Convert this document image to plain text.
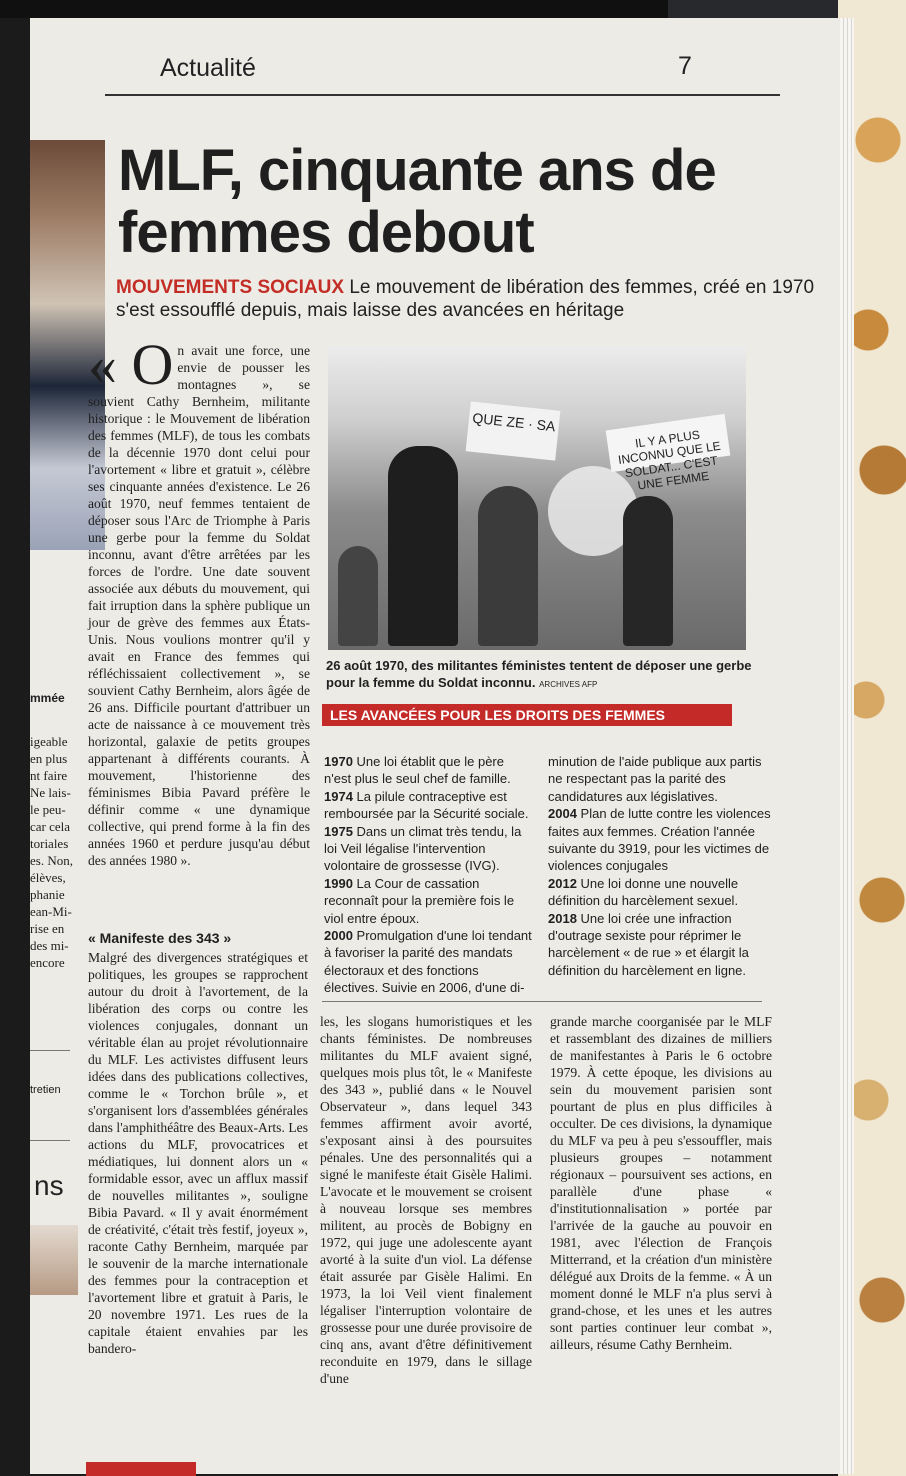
Actualité	7
MLF, cinquante ans de femmes debout
MOUVEMENTS SOCIAUX Le mouvement de libération des femmes, créé en 1970 s'est essoufflé depuis, mais laisse des avancées en héritage
« O n avait une force, une envie de pousser les montagnes », se souvient Cathy Bernheim, militante historique : le Mouvement de libération des femmes (MLF), de tous les combats de la décennie 1970 dont celui pour l'avortement « libre et gratuit », célèbre ses cinquante années d'existence. Le 26 août 1970, neuf femmes tentaient de déposer sous l'Arc de Triomphe à Paris une gerbe pour la femme du Soldat inconnu, avant d'être arrêtées par les forces de l'ordre. Une date souvent associée aux débuts du mouvement, qui fait irruption dans la sphère publique un jour de grève des femmes aux États-Unis. Nous voulions montrer qu'il y avait en France des femmes qui réfléchissaient collectivement », se souvient Cathy Bernheim, alors âgée de 26 ans. Difficile pourtant d'attribuer un acte de naissance à ce mouvement très horizontal, galaxie de petits groupes appartenant à différents courants. À mouvement, l'historienne des féminismes Bibia Pavard préfère le définir comme « une dynamique collective, qui prend forme à la fin des années 1960 et perdure jusqu'au début des années 1980 ».
« Manifeste des 343 »
Malgré des divergences stratégiques et politiques, les groupes se rapprochent autour du droit à l'avortement, de la libération des corps ou contre les violences conjugales, donnant un véritable élan au projet révolutionnaire du MLF. Les activistes diffusent leurs idées dans des publications collectives, comme le « Torchon brûle », et s'organisent lors d'assemblées générales dans l'amphithéâtre des Beaux-Arts. Les actions du MLF, provocatrices et médiatiques, lui donnent alors un « formidable essor, avec un afflux massif de nouvelles militantes », souligne Bibia Pavard. « Il y avait énormément de créativité, c'était très festif, joyeux », raconte Cathy Bernheim, marquée par le souvenir de la marche internationale des femmes pour la contraception et l'avortement libre et gratuit à Paris, le 20 novembre 1971. Les rues de la capitale étaient envahies par les bandero-
QUE ZE · SA
IL Y A PLUS INCONNU QUE LE SOLDAT... C'EST UNE FEMME
26 août 1970, des militantes féministes tentent de déposer une gerbe pour la femme du Soldat inconnu. ARCHIVES AFP
LES AVANCÉES POUR LES DROITS DES FEMMES
1970 Une loi établit que le père n'est plus le seul chef de famille.
1974 La pilule contraceptive est remboursée par la Sécurité sociale.
1975 Dans un climat très tendu, la loi Veil légalise l'intervention volontaire de grossesse (IVG).
1990 La Cour de cassation reconnaît pour la première fois le viol entre époux.
2000 Promulgation d'une loi tendant à favoriser la parité des mandats électoraux et des fonctions électives. Suivie en 2006, d'une di-
minution de l'aide publique aux partis ne respectant pas la parité des candidatures aux législatives.
2004 Plan de lutte contre les violences faites aux femmes. Création l'année suivante du 3919, pour les victimes de violences conjugales
2012 Une loi donne une nouvelle définition du harcèlement sexuel.
2018 Une loi crée une infraction d'outrage sexiste pour réprimer le harcèlement « de rue » et élargit la définition du harcèlement en ligne.
les, les slogans humoristiques et les chants féministes. De nombreuses militantes du MLF avaient signé, quelques mois plus tôt, le « Manifeste des 343 », publié dans « le Nouvel Observateur », dans lequel 343 femmes affirment avoir avorté, s'exposant ainsi à des poursuites pénales. Une des personnalités qui a signé le manifeste était Gisèle Halimi. L'avocate et le mouvement se croisent à nouveau lorsque ses membres militent, au procès de Bobigny en 1972, qui juge une adolescente ayant avorté à la suite d'un viol. La défense était assurée par Gisèle Halimi. En 1973, la loi Veil vient finalement légaliser l'interruption volontaire de grossesse pour une durée provisoire de cinq ans, avant d'être définitivement reconduite en 1979, dans le sillage d'une
grande marche coorganisée par le MLF et rassemblant des dizaines de milliers de manifestantes à Paris le 6 octobre 1979. À cette époque, les divisions au sein du mouvement parisien sont pourtant de plus en plus difficiles à occulter. De ces divisions, la dynamique du MLF va peu à peu s'essouffler, mais plusieurs groupes – notamment régionaux – poursuivent ses actions, en parallèle d'une phase « d'institutionnalisation » portée par l'arrivée de la gauche au pouvoir en 1981, avec l'élection de François Mitterrand, et la création d'un ministère délégué aux Droits de la femme. « À un moment donné le MLF n'a plus servi à grand-chose, et les unes et les autres sont parties continuer leur combat », ailleurs, résume Cathy Bernheim.
mmée
igeable en plus nt faire Ne lais- le peu- car cela toriales es. Non, élèves, phanie ean-Mi- rise en des mi- encore
tretien
ns
